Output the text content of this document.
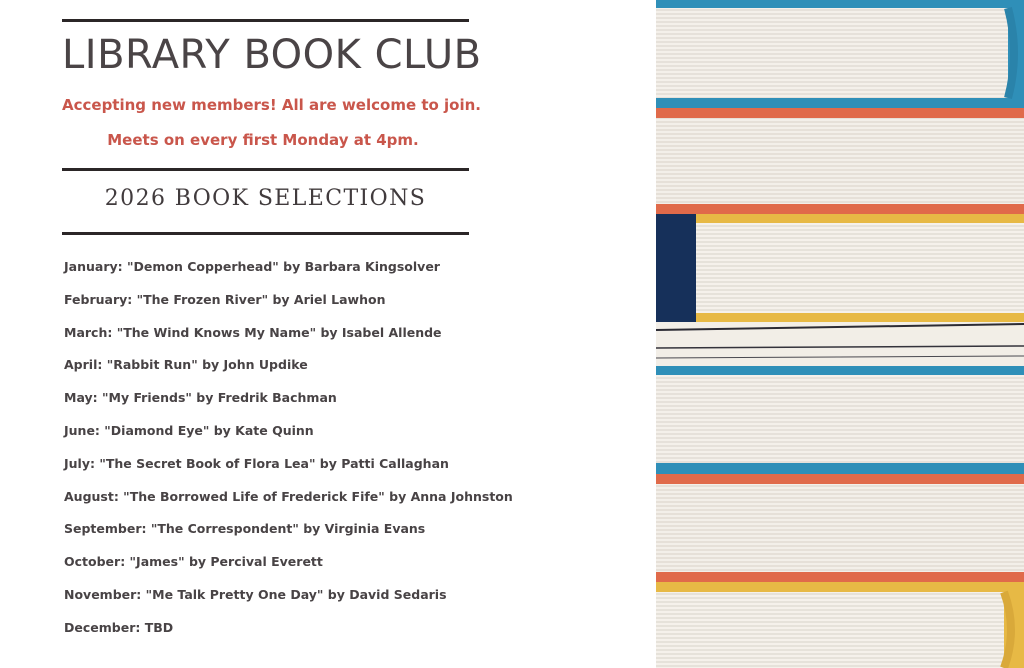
LIBRARY BOOK CLUB
Accepting new members! All are welcome to join.
Meets on every first Monday at 4pm.
2026 BOOK SELECTIONS
January: "Demon Copperhead" by Barbara Kingsolver
February: "The Frozen River" by Ariel Lawhon
March: "The Wind Knows My Name" by Isabel Allende
April: "Rabbit Run" by John Updike
May: "My Friends" by Fredrik Bachman
June: "Diamond Eye" by Kate Quinn
July: "The Secret Book of Flora Lea" by Patti Callaghan
August: "The Borrowed Life of Frederick Fife" by Anna Johnston
September: "The Correspondent" by Virginia Evans
October: "James" by Percival Everett
November: "Me Talk Pretty One Day" by David Sedaris
December: TBD
